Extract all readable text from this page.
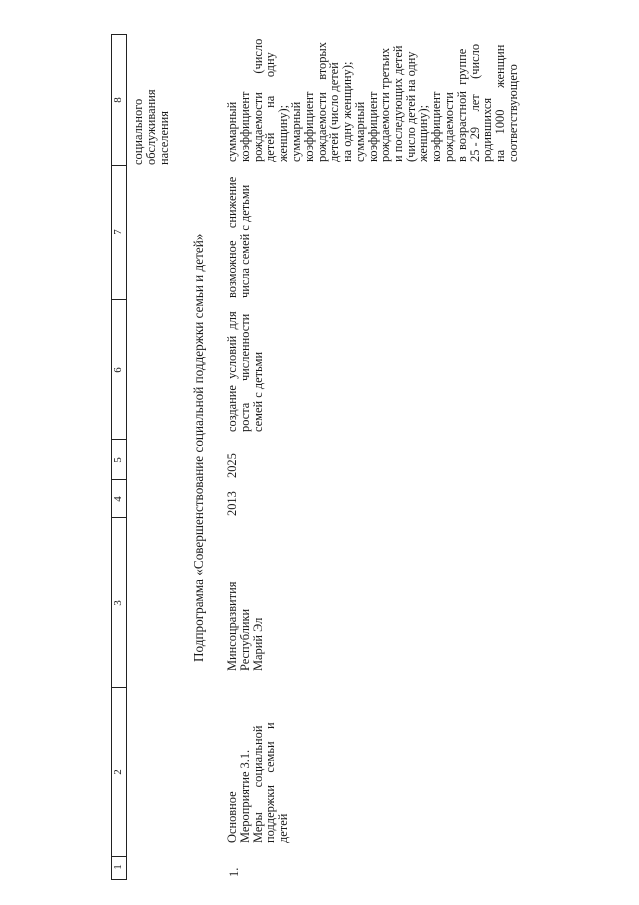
1
2
3
4
5
6
7
8 социального
обслуживания
населения
Подпрограмма «Совершенствование социальной поддержки семьи и детей»
1.
Основное
Мероприятие 3.1.
Меры        социальной
поддержки    семьи    и
детей
Минсоцразвития
Республики
Марий Эл
2013
2025
создание  условий  для
роста       численности
семей с детьми
возможное    снижение
числа семей с детьми
суммарный
коэффициент
рождаемости      (число
детей        на      одну
женщину);
суммарный
коэффициент
рождаемости    вторых
детей (число детей
на одну женщину);
суммарный
коэффициент
рождаемости третьих
и последующих детей
(число детей на одну
женщину);
коэффициент
рождаемости
в  возрастной  группе
25 - 29     лет     (число
родившихся
на     1000       женщин
соответствующего
